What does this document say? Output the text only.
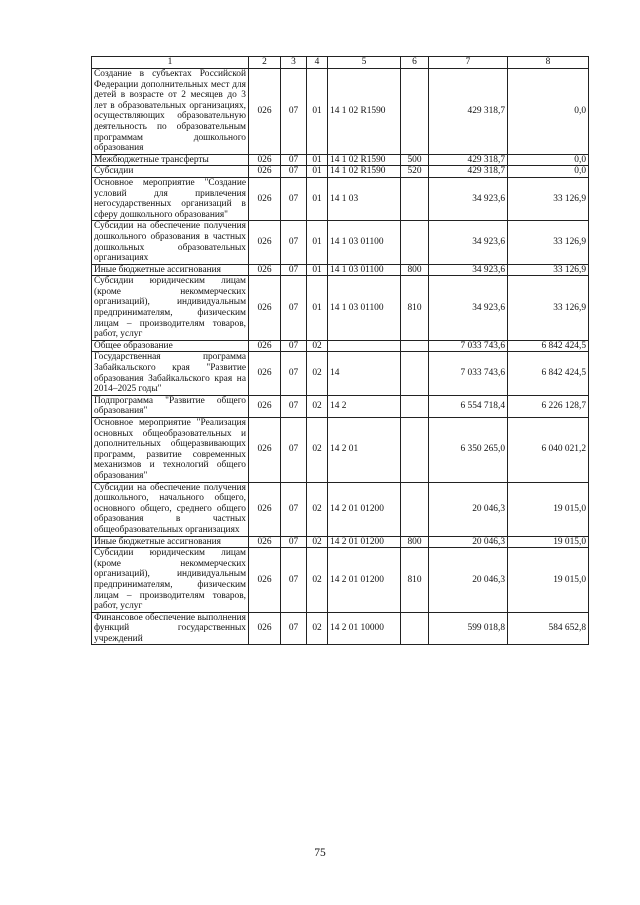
1	2	3	4	5	6	7	8
Создание в субъектах Российской Федерации дополнительных мест для детей в возрасте от 2 месяцев до 3 лет в образовательных организациях, осуществляющих образовательную деятельность по образовательным программам дошкольного образования	026	07	01	14 1 02 R1590		429 318,7	0,0
Межбюджетные трансферты	026	07	01	14 1 02 R1590	500	429 318,7	0,0
Субсидии	026	07	01	14 1 02 R1590	520	429 318,7	0,0
Основное мероприятие "Создание условий для привлечения негосударственных организаций в сферу дошкольного образования"	026	07	01	14 1 03		34 923,6	33 126,9
Субсидии на обеспечение получения дошкольного образования в частных дошкольных образовательных организациях	026	07	01	14 1 03 01100		34 923,6	33 126,9
Иные бюджетные ассигнования	026	07	01	14 1 03 01100	800	34 923,6	33 126,9
Субсидии юридическим лицам (кроме некоммерческих организаций), индивидуальным предпринимателям, физическим лицам – производителям товаров, работ, услуг	026	07	01	14 1 03 01100	810	34 923,6	33 126,9
Общее образование	026	07	02			7 033 743,6	6 842 424,5
Государственная программа Забайкальского края "Развитие образования Забайкальского края на 2014–2025 годы"	026	07	02	14		7 033 743,6	6 842 424,5
Подпрограмма "Развитие общего образования"	026	07	02	14 2		6 554 718,4	6 226 128,7
Основное мероприятие "Реализация основных общеобразовательных и дополнительных общеразвивающих программ, развитие современных механизмов и технологий общего образования"	026	07	02	14 2 01		6 350 265,0	6 040 021,2
Субсидии на обеспечение получения дошкольного, начального общего, основного общего, среднего общего образования в частных общеобразовательных организациях	026	07	02	14 2 01 01200		20 046,3	19 015,0
Иные бюджетные ассигнования	026	07	02	14 2 01 01200	800	20 046,3	19 015,0
Субсидии юридическим лицам (кроме некоммерческих организаций), индивидуальным предпринимателям, физическим лицам – производителям товаров, работ, услуг	026	07	02	14 2 01 01200	810	20 046,3	19 015,0
Финансовое обеспечение выполнения функций государственных учреждений	026	07	02	14 2 01 10000		599 018,8	584 652,8
75
